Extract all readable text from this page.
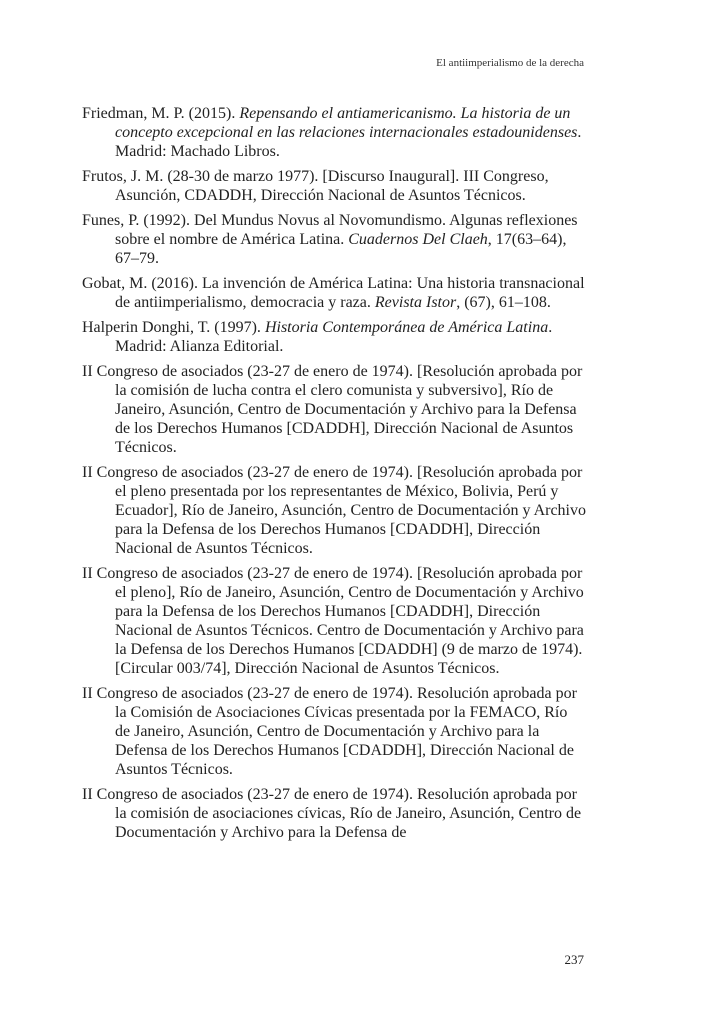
El antiimperialismo de la derecha
Friedman, M. P. (2015). Repensando el antiamericanismo. La historia de un concepto excepcional en las relaciones internacionales estadounidenses. Madrid: Machado Libros.
Frutos, J. M. (28-30 de marzo 1977). [Discurso Inaugural]. III Congreso, Asunción, CDADDH, Dirección Nacional de Asuntos Técnicos.
Funes, P. (1992). Del Mundus Novus al Novomundismo. Algunas reflexiones sobre el nombre de América Latina. Cuadernos Del Claeh, 17(63–64), 67–79.
Gobat, M. (2016). La invención de América Latina: Una historia transnacional de antiimperialismo, democracia y raza. Revista Istor, (67), 61–108.
Halperin Donghi, T. (1997). Historia Contemporánea de América Latina. Madrid: Alianza Editorial.
II Congreso de asociados (23-27 de enero de 1974). [Resolución aprobada por la comisión de lucha contra el clero comunista y subversivo], Río de Janeiro, Asunción, Centro de Documentación y Archivo para la Defensa de los Derechos Humanos [CDADDH], Dirección Nacional de Asuntos Técnicos.
II Congreso de asociados (23-27 de enero de 1974). [Resolución aprobada por el pleno presentada por los representantes de México, Bolivia, Perú y Ecuador], Río de Janeiro, Asunción, Centro de Documentación y Archivo para la Defensa de los Derechos Humanos [CDADDH], Dirección Nacional de Asuntos Técnicos.
II Congreso de asociados (23-27 de enero de 1974). [Resolución aprobada por el pleno], Río de Janeiro, Asunción, Centro de Documentación y Archivo para la Defensa de los Derechos Humanos [CDADDH], Dirección Nacional de Asuntos Técnicos. Centro de Documentación y Archivo para la Defensa de los Derechos Humanos [CDADDH] (9 de marzo de 1974). [Circular 003/74], Dirección Nacional de Asuntos Técnicos.
II Congreso de asociados (23-27 de enero de 1974). Resolución aprobada por la Comisión de Asociaciones Cívicas presentada por la FEMACO, Río de Janeiro, Asunción, Centro de Documentación y Archivo para la Defensa de los Derechos Humanos [CDADDH], Dirección Nacional de Asuntos Técnicos.
II Congreso de asociados (23-27 de enero de 1974). Resolución aprobada por la comisión de asociaciones cívicas, Río de Janeiro, Asunción, Centro de Documentación y Archivo para la Defensa de
237
